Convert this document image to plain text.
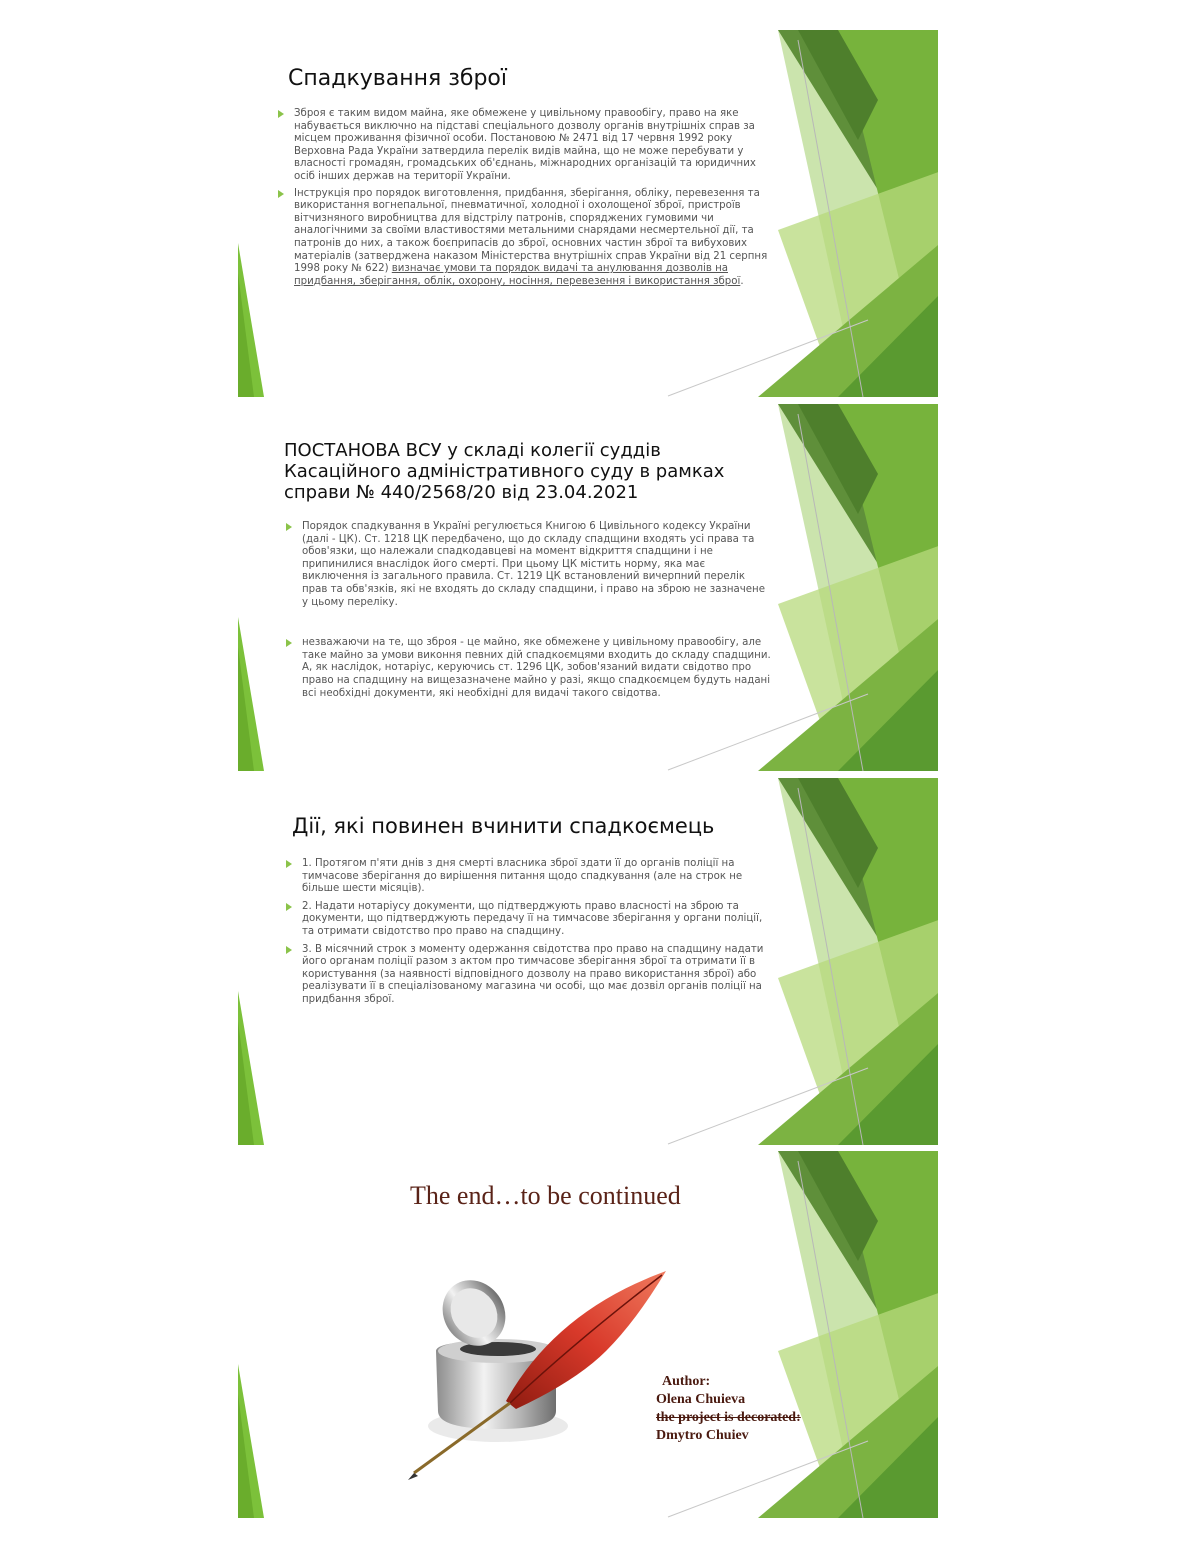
Спадкування зброї
Зброя є таким видом майна, яке обмежене у цивільному правообігу, право на яке набувається виключно на підставі спеціального дозволу органів внутрішніх справ за місцем проживання фізичної особи. Постановою № 2471 від 17 червня 1992 року Верховна Рада України затвердила перелік видів майна, що не може перебувати у власності громадян, громадських об'єднань, міжнародних організацій та юридичних осіб інших держав на території України.
Інструкція про порядок виготовлення, придбання, зберігання, обліку, перевезення та використання вогнепальної, пневматичної, холодної і охолощеної зброї, пристроїв вітчизняного виробництва для відстрілу патронів, споряджених гумовими чи аналогічними за своїми властивостями метальними снарядами несмертельної дії, та патронів до них, а також боєприпасів до зброї, основних частин зброї та вибухових матеріалів (затверджена наказом Міністерства внутрішніх справ України від 21 серпня 1998 року № 622) визначає умови та порядок видачі та анулювання дозволів на придбання, зберігання, облік, охорону, носіння, перевезення і використання зброї.
ПОСТАНОВА ВСУ у складі колегії суддів
Касаційного адміністративного суду в рамках
справи № 440/2568/20 від 23.04.2021
Порядок спадкування в Україні регулюється Книгою 6 Цивільного кодексу України (далі - ЦК). Ст. 1218 ЦК передбачено, що до складу спадщини входять усі права та обов'язки, що належали спадкодавцеві на момент відкриття спадщини і не припинилися внаслідок його смерті. При цьому ЦК містить норму, яка має виключення із загального правила. Ст. 1219 ЦК встановлений вичерпний перелік прав та обв'язків, які не входять до складу спадщини, і право на зброю не зазначене у цьому переліку.
незважаючи на те, що зброя - це майно, яке обмежене у цивільному правообігу, але таке майно за умови виконня певних дій спадкоємцями входить до складу спадщини. А, як наслідок, нотаріус, керуючись ст. 1296 ЦК, зобов'язаний видати свідотво про право на спадщину на вищезазначене майно у разі, якщо спадкоємцем будуть надані всі необхідні документи, які необхідні для видачі такого свідотва.
Дії, які повинен вчинити спадкоємець
1. Протягом п'яти днів з дня смерті власника зброї здати її до органів поліції на тимчасове зберігання до вирішення питання щодо спадкування (але на строк не більше шести місяців).
2. Надати нотаріусу документи, що підтверджують право власності на зброю та документи, що підтверджують передачу її на тимчасове зберігання у органи поліції, та отримати свідотство про право на спадщину.
3. В місячний строк з моменту одержання свідотства про право на спадщину надати його органам поліції разом з актом про тимчасове зберігання зброї та отримати її в користування (за наявності відповідного дозволу на право використання зброї) або реалізувати її в спеціалізованому магазина чи особі, що має дозвіл органів поліції на придбання зброї.
The end…to be continued
Author:
Olena Chuieva
the project is decorated:
Dmytro Chuiev
